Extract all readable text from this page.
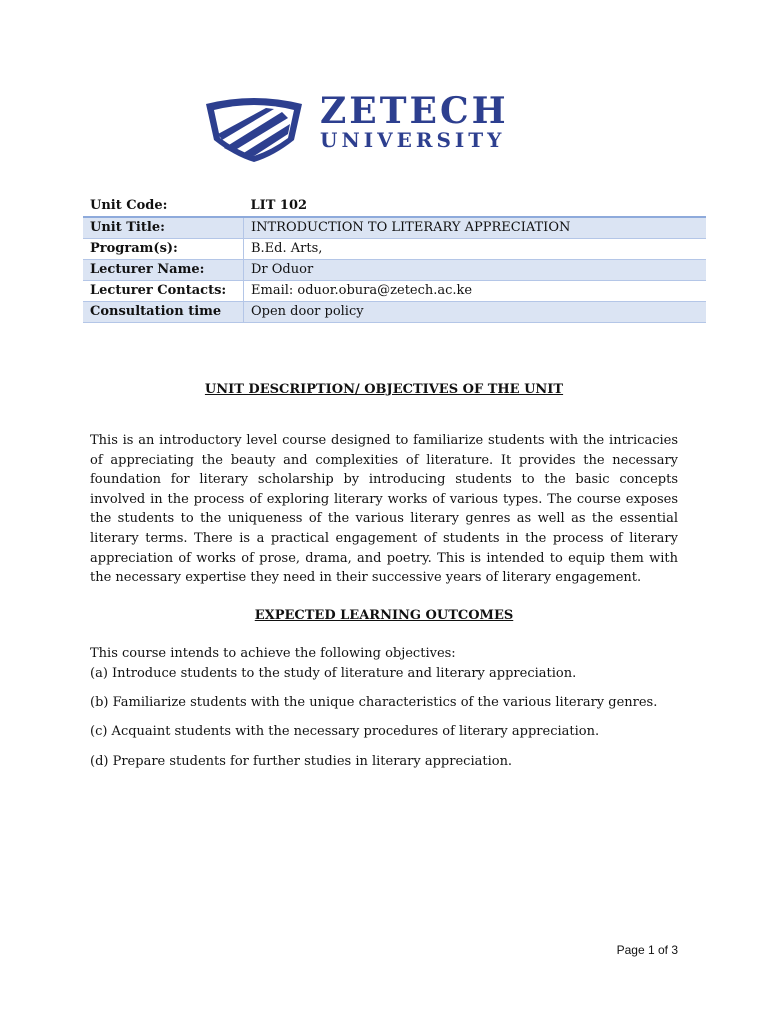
ZETECH
UNIVERSITY
Unit Code:	LIT 102
Unit Title:	INTRODUCTION TO LITERARY APPRECIATION
Program(s):	B.Ed. Arts,
Lecturer Name:	Dr Oduor
Lecturer Contacts:	Email: oduor.obura@zetech.ac.ke
Consultation time	Open door policy
UNIT DESCRIPTION/ OBJECTIVES OF THE UNIT
This is an introductory level course designed to familiarize students with the intricacies of appreciating the beauty and complexities of literature. It provides the necessary foundation for literary scholarship by introducing students to the basic concepts involved in the process of exploring literary works of various types. The course exposes the students to the uniqueness of the various literary genres as well as the essential literary terms. There is a practical engagement of students in the process of literary appreciation of works of prose, drama, and poetry. This is intended to equip them with the necessary expertise they need in their successive years of literary engagement.
EXPECTED LEARNING OUTCOMES
This course intends to achieve the following objectives:
(a) Introduce students to the study of literature and literary appreciation.
(b) Familiarize students with the unique characteristics of the various literary genres.
(c) Acquaint students with the necessary procedures of literary appreciation.
(d) Prepare students for further studies in literary appreciation.
Page 1 of 3
